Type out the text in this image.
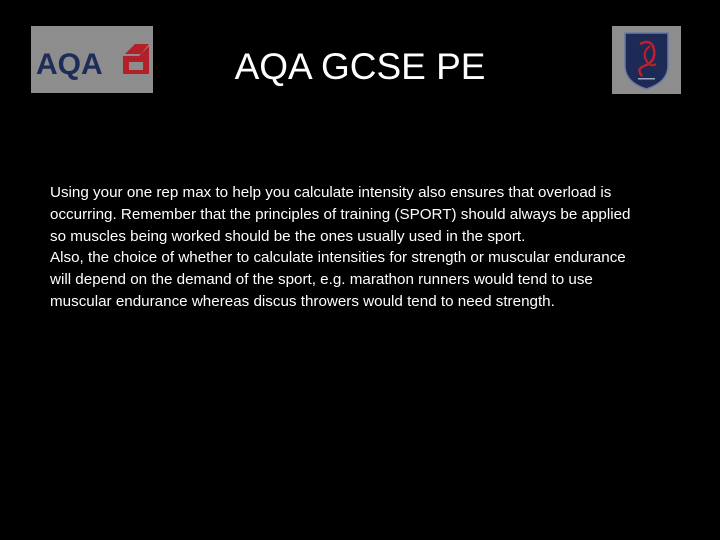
AQA	AQA GCSE PE

Using your one rep max to help you calculate intensity also ensures that overload is occurring. Remember that the principles of training (SPORT) should always be applied so muscles being worked should be the ones usually used in the sport.

Also, the choice of whether to calculate intensities for strength or muscular endurance will depend on the demand of the sport, e.g. marathon runners would tend to use muscular endurance whereas discus throwers would tend to need strength.
